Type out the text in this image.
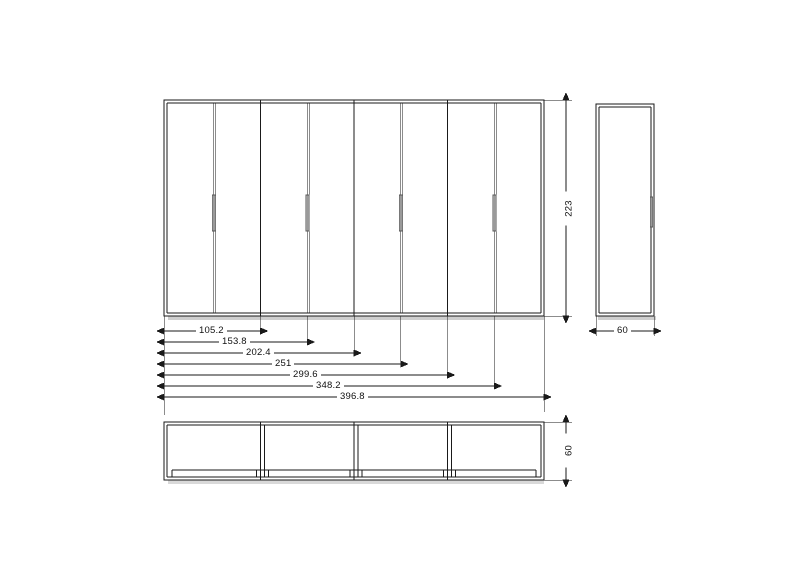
105.2
153.8
202.4
251
299.6
348.2
396.8
223
60
60
